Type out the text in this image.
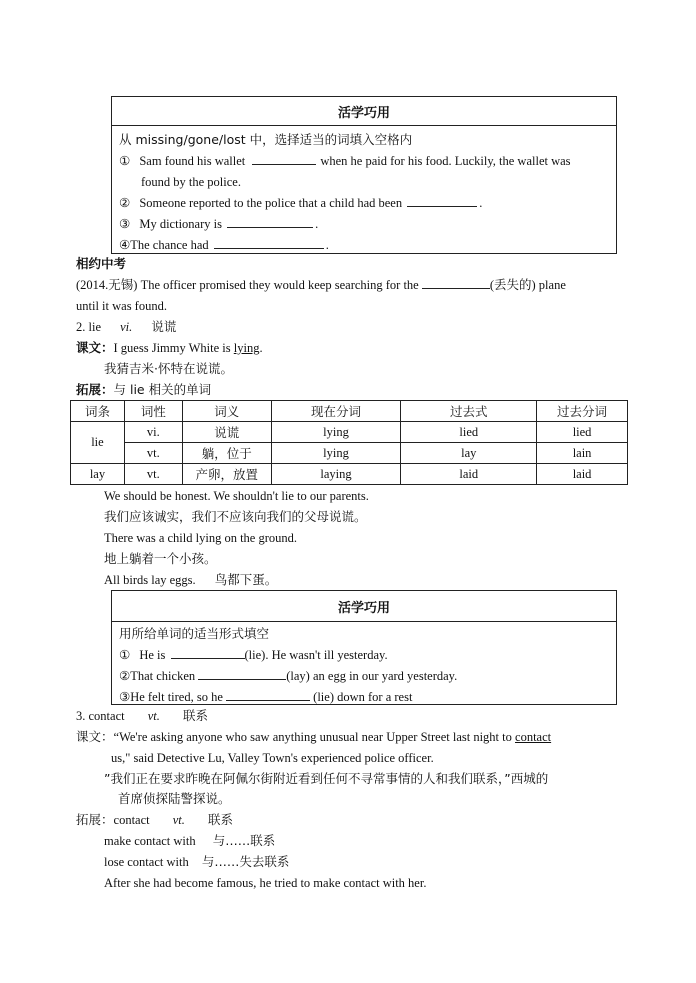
活学巧用
从 missing/gone/lost 中，选择适当的词填入空格内
① Sam found his wallet	when he paid for his food. Luckily, the wallet was
found by the police.
② Someone reported to the police that a child had been	.
③ My dictionary is	.
④The chance had	.
相约中考
(2014.无锡) The officer promised they would keep searching for the	(丢失的) plane
until it was found.
2. lie vi. 说谎
课文：I guess Jimmy White is lying.
我猜吉米·怀特在说谎。
拓展：与 lie 相关的单词
词条	词性	词义	现在分词	过去式	过去分词
lie	vi.	说谎	lying	lied	lied
	vt.	躺，位于	lying	lay	lain
lay	vt.	产卵，放置	laying	laid	laid
We should be honest. We shouldn't lie to our parents.
我们应该诚实，我们不应该向我们的父母说谎。
There was a child lying on the ground.
地上躺着一个小孩。
All birds lay eggs. 鸟都下蛋。
活学巧用
用所给单词的适当形式填空
① He is	(lie). He wasn't ill yesterday.
②That chicken	(lay) an egg in our yard yesterday.
③He felt tired, so he	(lie) down for a rest
3. contact vt. 联系
课文：“We're asking anyone who saw anything unusual near Upper Street last night to contact
us," said Detective Lu, Valley Town's experienced police officer.
”我们正在要求昨晚在阿佩尔街附近看到任何不寻常事情的人和我们联系，”西城的
首席侦探陆警探说。
拓展：contact vt. 联系
make contact with 与……联系
lose contact with 与……失去联系
After she had become famous, he tried to make contact with her.
